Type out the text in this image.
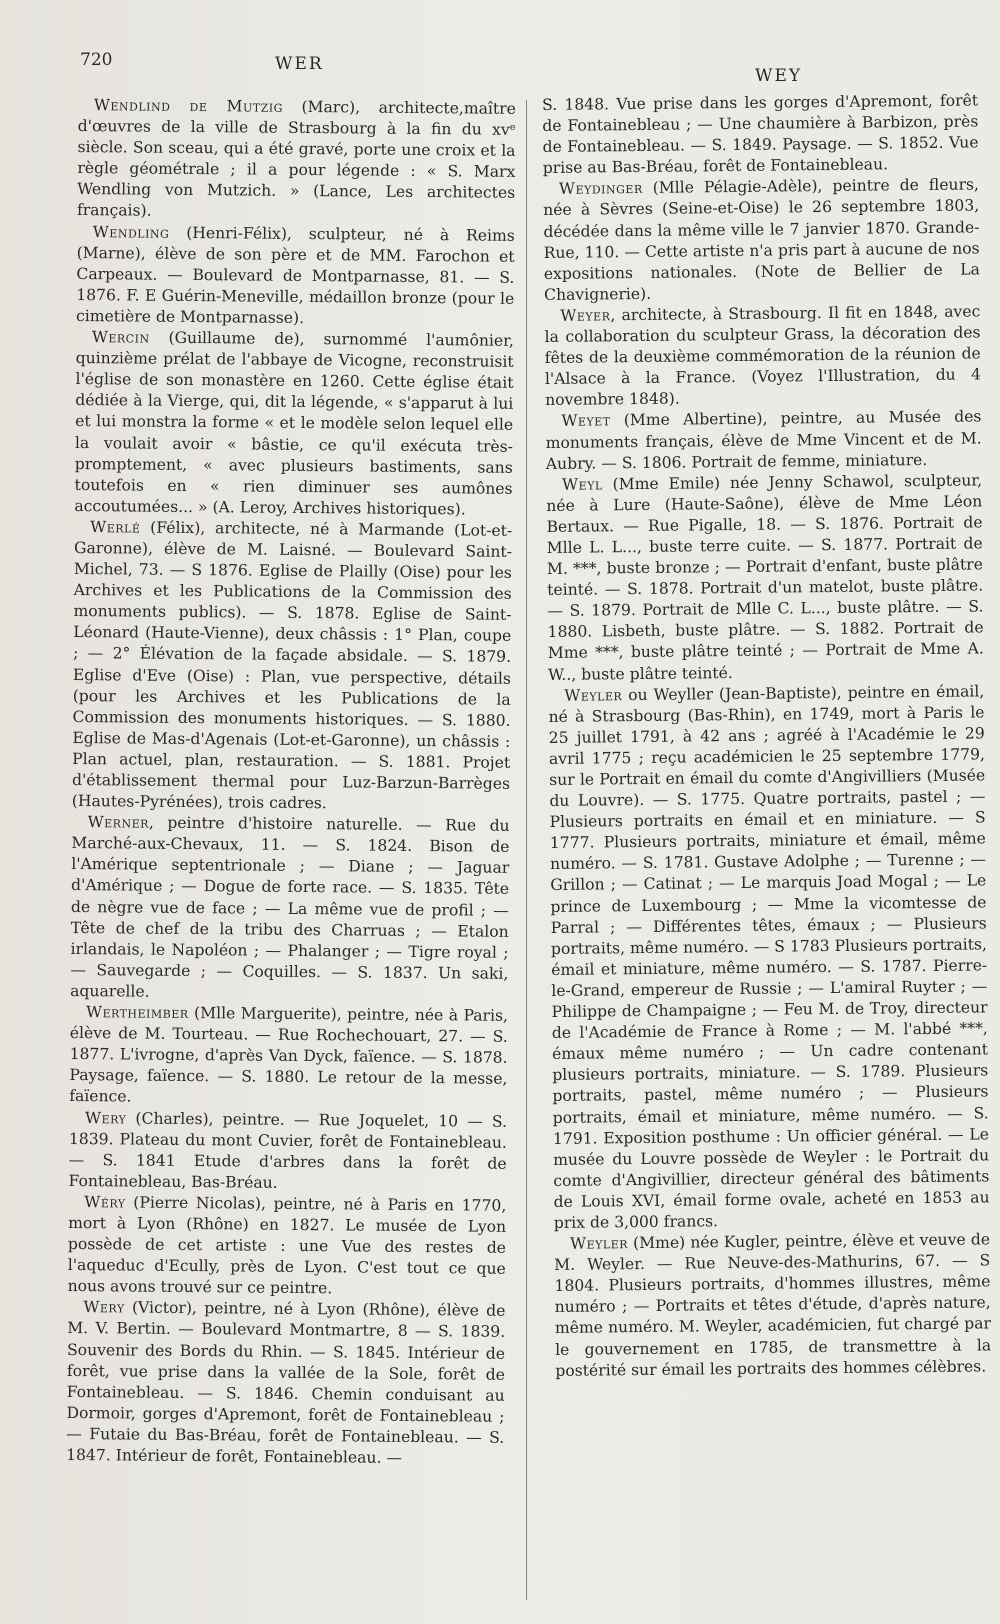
720	WER
WEY

Wendlind de Mutzig (Marc), architecte,maître d'œuvres de la ville de Strasbourg à la fin du xvᵉ siècle. Son sceau, qui a été gravé, porte une croix et la règle géométrale ; il a pour légende : « S. Marx Wendling von Mutzich. » (Lance, Les architectes français).

Wendling (Henri-Félix), sculpteur, né à Reims (Marne), élève de son père et de MM. Farochon et Carpeaux. — Boulevard de Montparnasse, 81. — S. 1876. F. E Guérin-Meneville, médaillon bronze (pour le cimetière de Montparnasse).

Wercin (Guillaume de), surnommé l'aumônier, quinzième prélat de l'abbaye de Vicogne, reconstruisit l'église de son monastère en 1260. Cette église était dédiée à la Vierge, qui, dit la légende, « s'apparut à lui et lui monstra la forme « et le modèle selon lequel elle la voulait avoir « bâstie, ce qu'il exécuta très-promptement, « avec plusieurs bastiments, sans toutefois en « rien diminuer ses aumônes accoutumées... » (A. Leroy, Archives historiques).

Werlé (Félix), architecte, né à Marmande (Lot-et-Garonne), élève de M. Laisné. — Boulevard Saint-Michel, 73. — S 1876. Eglise de Plailly (Oise) pour les Archives et les Publications de la Commission des monuments publics). — S. 1878. Eglise de Saint-Léonard (Haute-Vienne), deux châssis : 1° Plan, coupe ; — 2° Élévation de la façade absidale. — S. 1879. Eglise d'Eve (Oise) : Plan, vue perspective, détails (pour les Archives et les Publications de la Commission des monuments historiques. — S. 1880. Eglise de Mas-d'Agenais (Lot-et-Garonne), un châssis : Plan actuel, plan, restauration. — S. 1881. Projet d'établissement thermal pour Luz-Barzun-Barrèges (Hautes-Pyrénées), trois cadres.

Werner, peintre d'histoire naturelle. — Rue du Marché-aux-Chevaux, 11. — S. 1824. Bison de l'Amérique septentrionale ; — Diane ; — Jaguar d'Amérique ; — Dogue de forte race. — S. 1835. Tête de nègre vue de face ; — La même vue de profil ; — Tête de chef de la tribu des Charruas ; — Etalon irlandais, le Napoléon ; — Phalanger ; — Tigre royal ; — Sauvegarde ; — Coquilles. — S. 1837. Un saki, aquarelle.

Wertheimber (Mlle Marguerite), peintre, née à Paris, élève de M. Tourteau. — Rue Rochechouart, 27. — S. 1877. L'ivrogne, d'après Van Dyck, faïence. — S. 1878. Paysage, faïence. — S. 1880. Le retour de la messe, faïence.

Wery (Charles), peintre. — Rue Joquelet, 10 — S. 1839. Plateau du mont Cuvier, forêt de Fontainebleau. — S. 1841 Etude d'arbres dans la forêt de Fontainebleau, Bas-Bréau.

Wéry (Pierre Nicolas), peintre, né à Paris en 1770, mort à Lyon (Rhône) en 1827. Le musée de Lyon possède de cet artiste : une Vue des restes de l'aqueduc d'Ecully, près de Lyon. C'est tout ce que nous avons trouvé sur ce peintre.

Wery (Victor), peintre, né à Lyon (Rhône), élève de M. V. Bertin. — Boulevard Montmartre, 8 — S. 1839. Souvenir des Bords du Rhin. — S. 1845. Intérieur de forêt, vue prise dans la vallée de la Sole, forêt de Fontainebleau. — S. 1846. Chemin conduisant au Dormoir, gorges d'Apremont, forêt de Fontainebleau ; — Futaie du Bas-Bréau, forêt de Fontainebleau. — S. 1847. Intérieur de forêt, Fontainebleau. —

S. 1848. Vue prise dans les gorges d'Apremont, forêt de Fontainebleau ; — Une chaumière à Barbizon, près de Fontainebleau. — S. 1849. Paysage. — S. 1852. Vue prise au Bas-Bréau, forêt de Fontainebleau.

Weydinger (Mlle Pélagie-Adèle), peintre de fleurs, née à Sèvres (Seine-et-Oise) le 26 septembre 1803, décédée dans la même ville le 7 janvier 1870. Grande-Rue, 110. — Cette artiste n'a pris part à aucune de nos expositions nationales. (Note de Bellier de La Chavignerie).

Weyer, architecte, à Strasbourg. Il fit en 1848, avec la collaboration du sculpteur Grass, la décoration des fêtes de la deuxième commémoration de la réunion de l'Alsace à la France. (Voyez l'Illustration, du 4 novembre 1848).

Weyet (Mme Albertine), peintre, au Musée des monuments français, élève de Mme Vincent et de M. Aubry. — S. 1806. Portrait de femme, miniature.

Weyl (Mme Emile) née Jenny Schawol, sculpteur, née à Lure (Haute-Saône), élève de Mme Léon Bertaux. — Rue Pigalle, 18. — S. 1876. Portrait de Mlle L. L..., buste terre cuite. — S. 1877. Portrait de M. ***, buste bronze ; — Portrait d'enfant, buste plâtre teinté. — S. 1878. Portrait d'un matelot, buste plâtre. — S. 1879. Portrait de Mlle C. L..., buste plâtre. — S. 1880. Lisbeth, buste plâtre. — S. 1882. Portrait de Mme ***, buste plâtre teinté ; — Portrait de Mme A. W.., buste plâtre teinté.

Weyler ou Weyller (Jean-Baptiste), peintre en émail, né à Strasbourg (Bas-Rhin), en 1749, mort à Paris le 25 juillet 1791, à 42 ans ; agréé à l'Académie le 29 avril 1775 ; reçu académicien le 25 septembre 1779, sur le Portrait en émail du comte d'Angivilliers (Musée du Louvre). — S. 1775. Quatre portraits, pastel ; — Plusieurs portraits en émail et en miniature. — S 1777. Plusieurs portraits, miniature et émail, même numéro. — S. 1781. Gustave Adolphe ; — Turenne ; — Grillon ; — Catinat ; — Le marquis Joad Mogal ; — Le prince de Luxembourg ; — Mme la vicomtesse de Parral ; — Différentes têtes, émaux ; — Plusieurs portraits, même numéro. — S 1783 Plusieurs portraits, émail et miniature, même numéro. — S. 1787. Pierre-le-Grand, empereur de Russie ; — L'amiral Ruyter ; — Philippe de Champaigne ; — Feu M. de Troy, directeur de l'Académie de France à Rome ; — M. l'abbé ***, émaux même numéro ; — Un cadre contenant plusieurs portraits, miniature. — S. 1789. Plusieurs portraits, pastel, même numéro ; — Plusieurs portraits, émail et miniature, même numéro. — S. 1791. Exposition posthume : Un officier général. — Le musée du Louvre possède de Weyler : le Portrait du comte d'Angivillier, directeur général des bâtiments de Louis XVI, émail forme ovale, acheté en 1853 au prix de 3,000 francs.

Weyler (Mme) née Kugler, peintre, élève et veuve de M. Weyler. — Rue Neuve-des-Mathurins, 67. — S 1804. Plusieurs portraits, d'hommes illustres, même numéro ; — Portraits et têtes d'étude, d'après nature, même numéro. M. Weyler, académicien, fut chargé par le gouvernement en 1785, de transmettre à la postérité sur émail les portraits des hommes célèbres.
